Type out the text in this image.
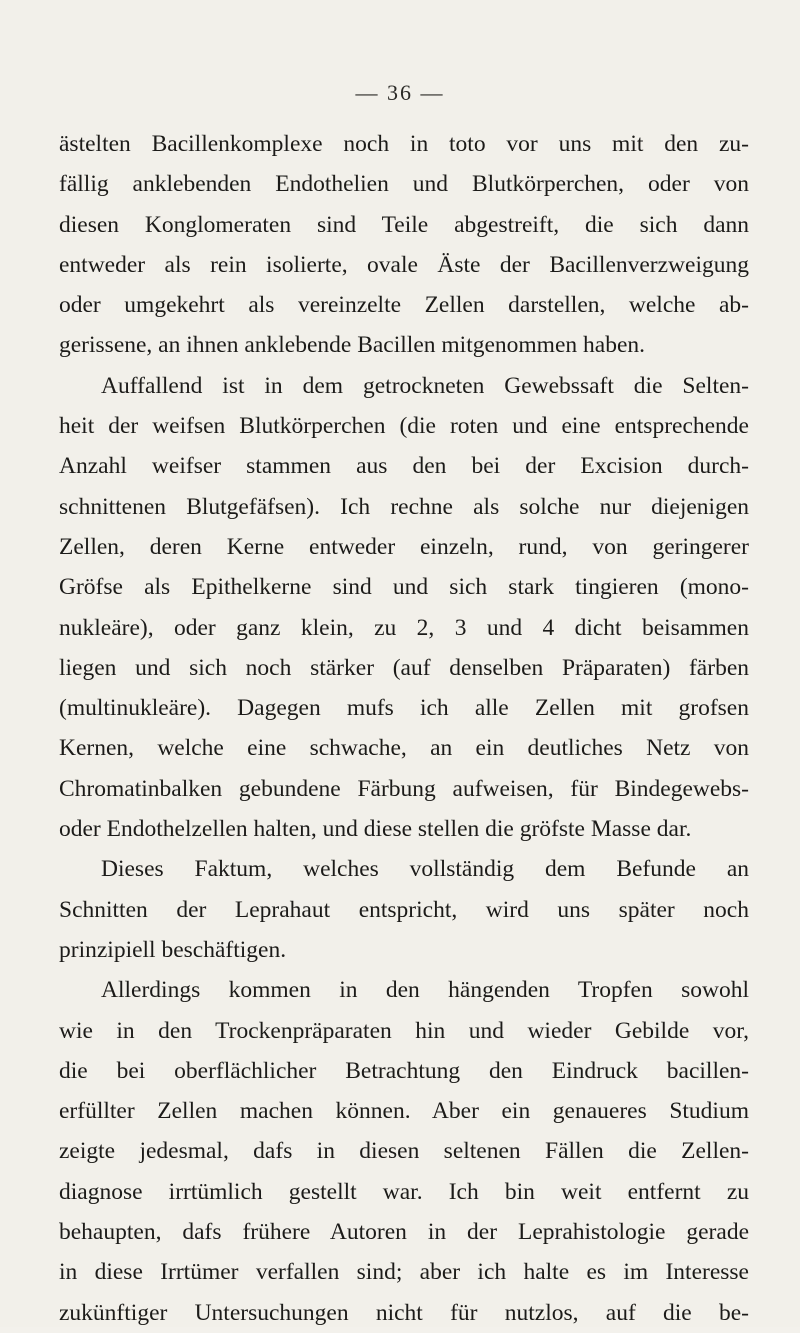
— 36 —
ästelten Bacillenkomplexe noch in toto vor uns mit den zu-
fällig anklebenden Endothelien und Blutkörperchen, oder von
diesen Konglomeraten sind Teile abgestreift, die sich dann
entweder als rein isolierte, ovale Äste der Bacillenverzweigung
oder umgekehrt als vereinzelte Zellen darstellen, welche ab-
gerissene, an ihnen anklebende Bacillen mitgenommen haben.
Auffallend ist in dem getrockneten Gewebssaft die Selten-
heit der weifsen Blutkörperchen (die roten und eine entsprechende
Anzahl weifser stammen aus den bei der Excision durch-
schnittenen Blutgefäfsen). Ich rechne als solche nur diejenigen
Zellen, deren Kerne entweder einzeln, rund, von geringerer
Gröfse als Epithelkerne sind und sich stark tingieren (mono-
nukleäre), oder ganz klein, zu 2, 3 und 4 dicht beisammen
liegen und sich noch stärker (auf denselben Präparaten) färben
(multinukleäre). Dagegen mufs ich alle Zellen mit grofsen
Kernen, welche eine schwache, an ein deutliches Netz von
Chromatinbalken gebundene Färbung aufweisen, für Bindegewebs-
oder Endothelzellen halten, und diese stellen die gröfste Masse dar.
Dieses Faktum, welches vollständig dem Befunde an
Schnitten der Leprahaut entspricht, wird uns später noch
prinzipiell beschäftigen.
Allerdings kommen in den hängenden Tropfen sowohl
wie in den Trockenpräparaten hin und wieder Gebilde vor,
die bei oberflächlicher Betrachtung den Eindruck bacillen-
erfüllter Zellen machen können. Aber ein genaueres Studium
zeigte jedesmal, dafs in diesen seltenen Fällen die Zellen-
diagnose irrtümlich gestellt war. Ich bin weit entfernt zu
behaupten, dafs frühere Autoren in der Leprahistologie gerade
in diese Irrtümer verfallen sind; aber ich halte es im Interesse
zukünftiger Untersuchungen nicht für nutzlos, auf die be-
